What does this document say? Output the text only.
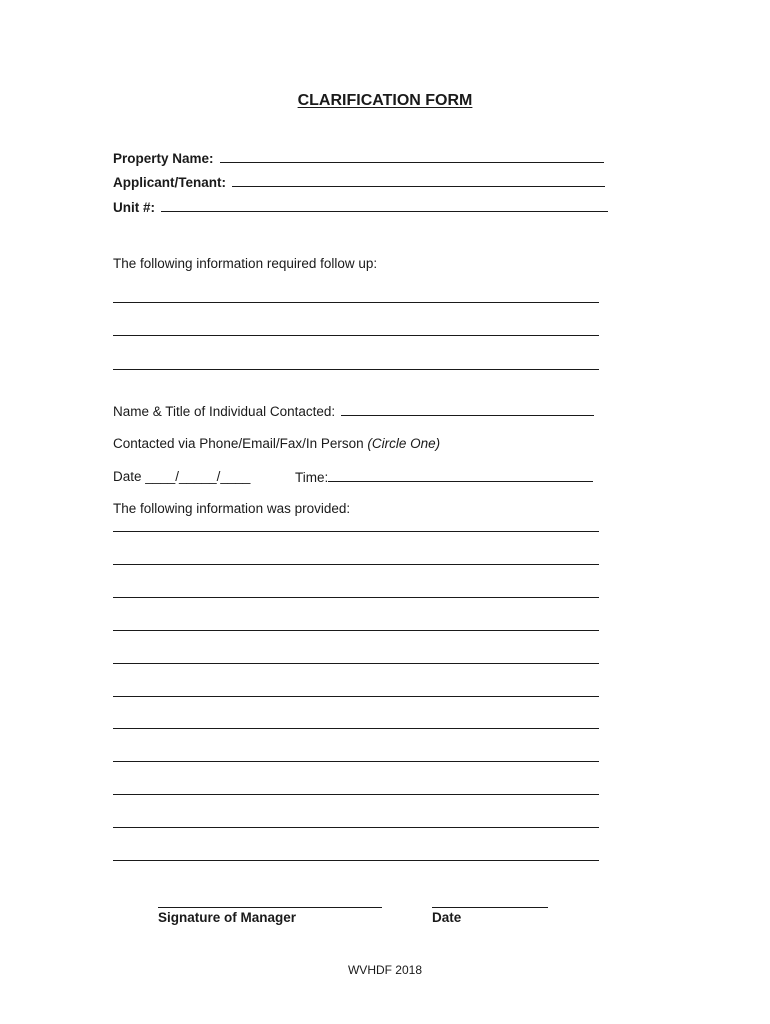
CLARIFICATION FORM
Property Name:
Applicant/Tenant:
Unit #:
The following information required follow up:
Name & Title of Individual Contacted:
Contacted via Phone/Email/Fax/In Person (Circle One)
Date ____/_____/____	Time:
The following information was provided:
Signature of Manager	Date
WVHDF 2018
